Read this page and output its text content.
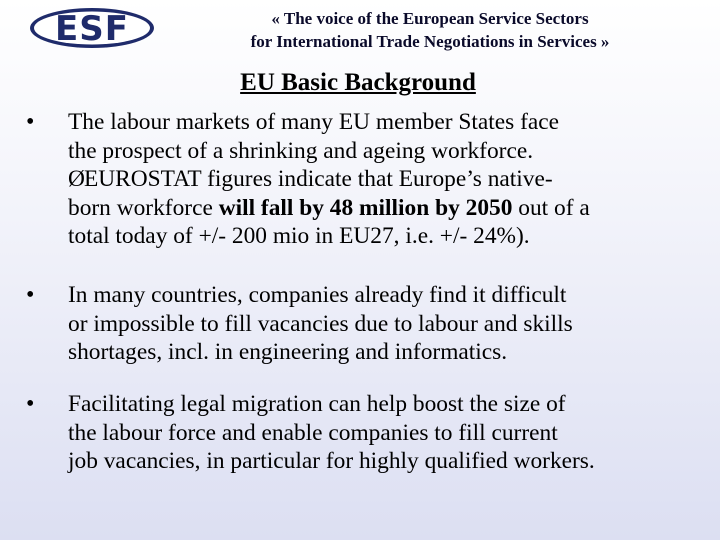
ESF	« The voice of the European Service Sectors
for International Trade Negotiations in Services »
EU Basic Background
•
•
•
The labour markets of many EU member States face
the prospect of a shrinking and ageing workforce.
ØEUROSTAT figures indicate that Europe’s native-
born workforce will fall by 48 million by 2050 out of a
total today of +/- 200 mio in EU27, i.e. +/- 24%).
In many countries, companies already find it difficult
or impossible to fill vacancies due to labour and skills
shortages, incl. in engineering and informatics.
Facilitating legal migration can help boost the size of
the labour force and enable companies to fill current
job vacancies, in particular for highly qualified workers.
